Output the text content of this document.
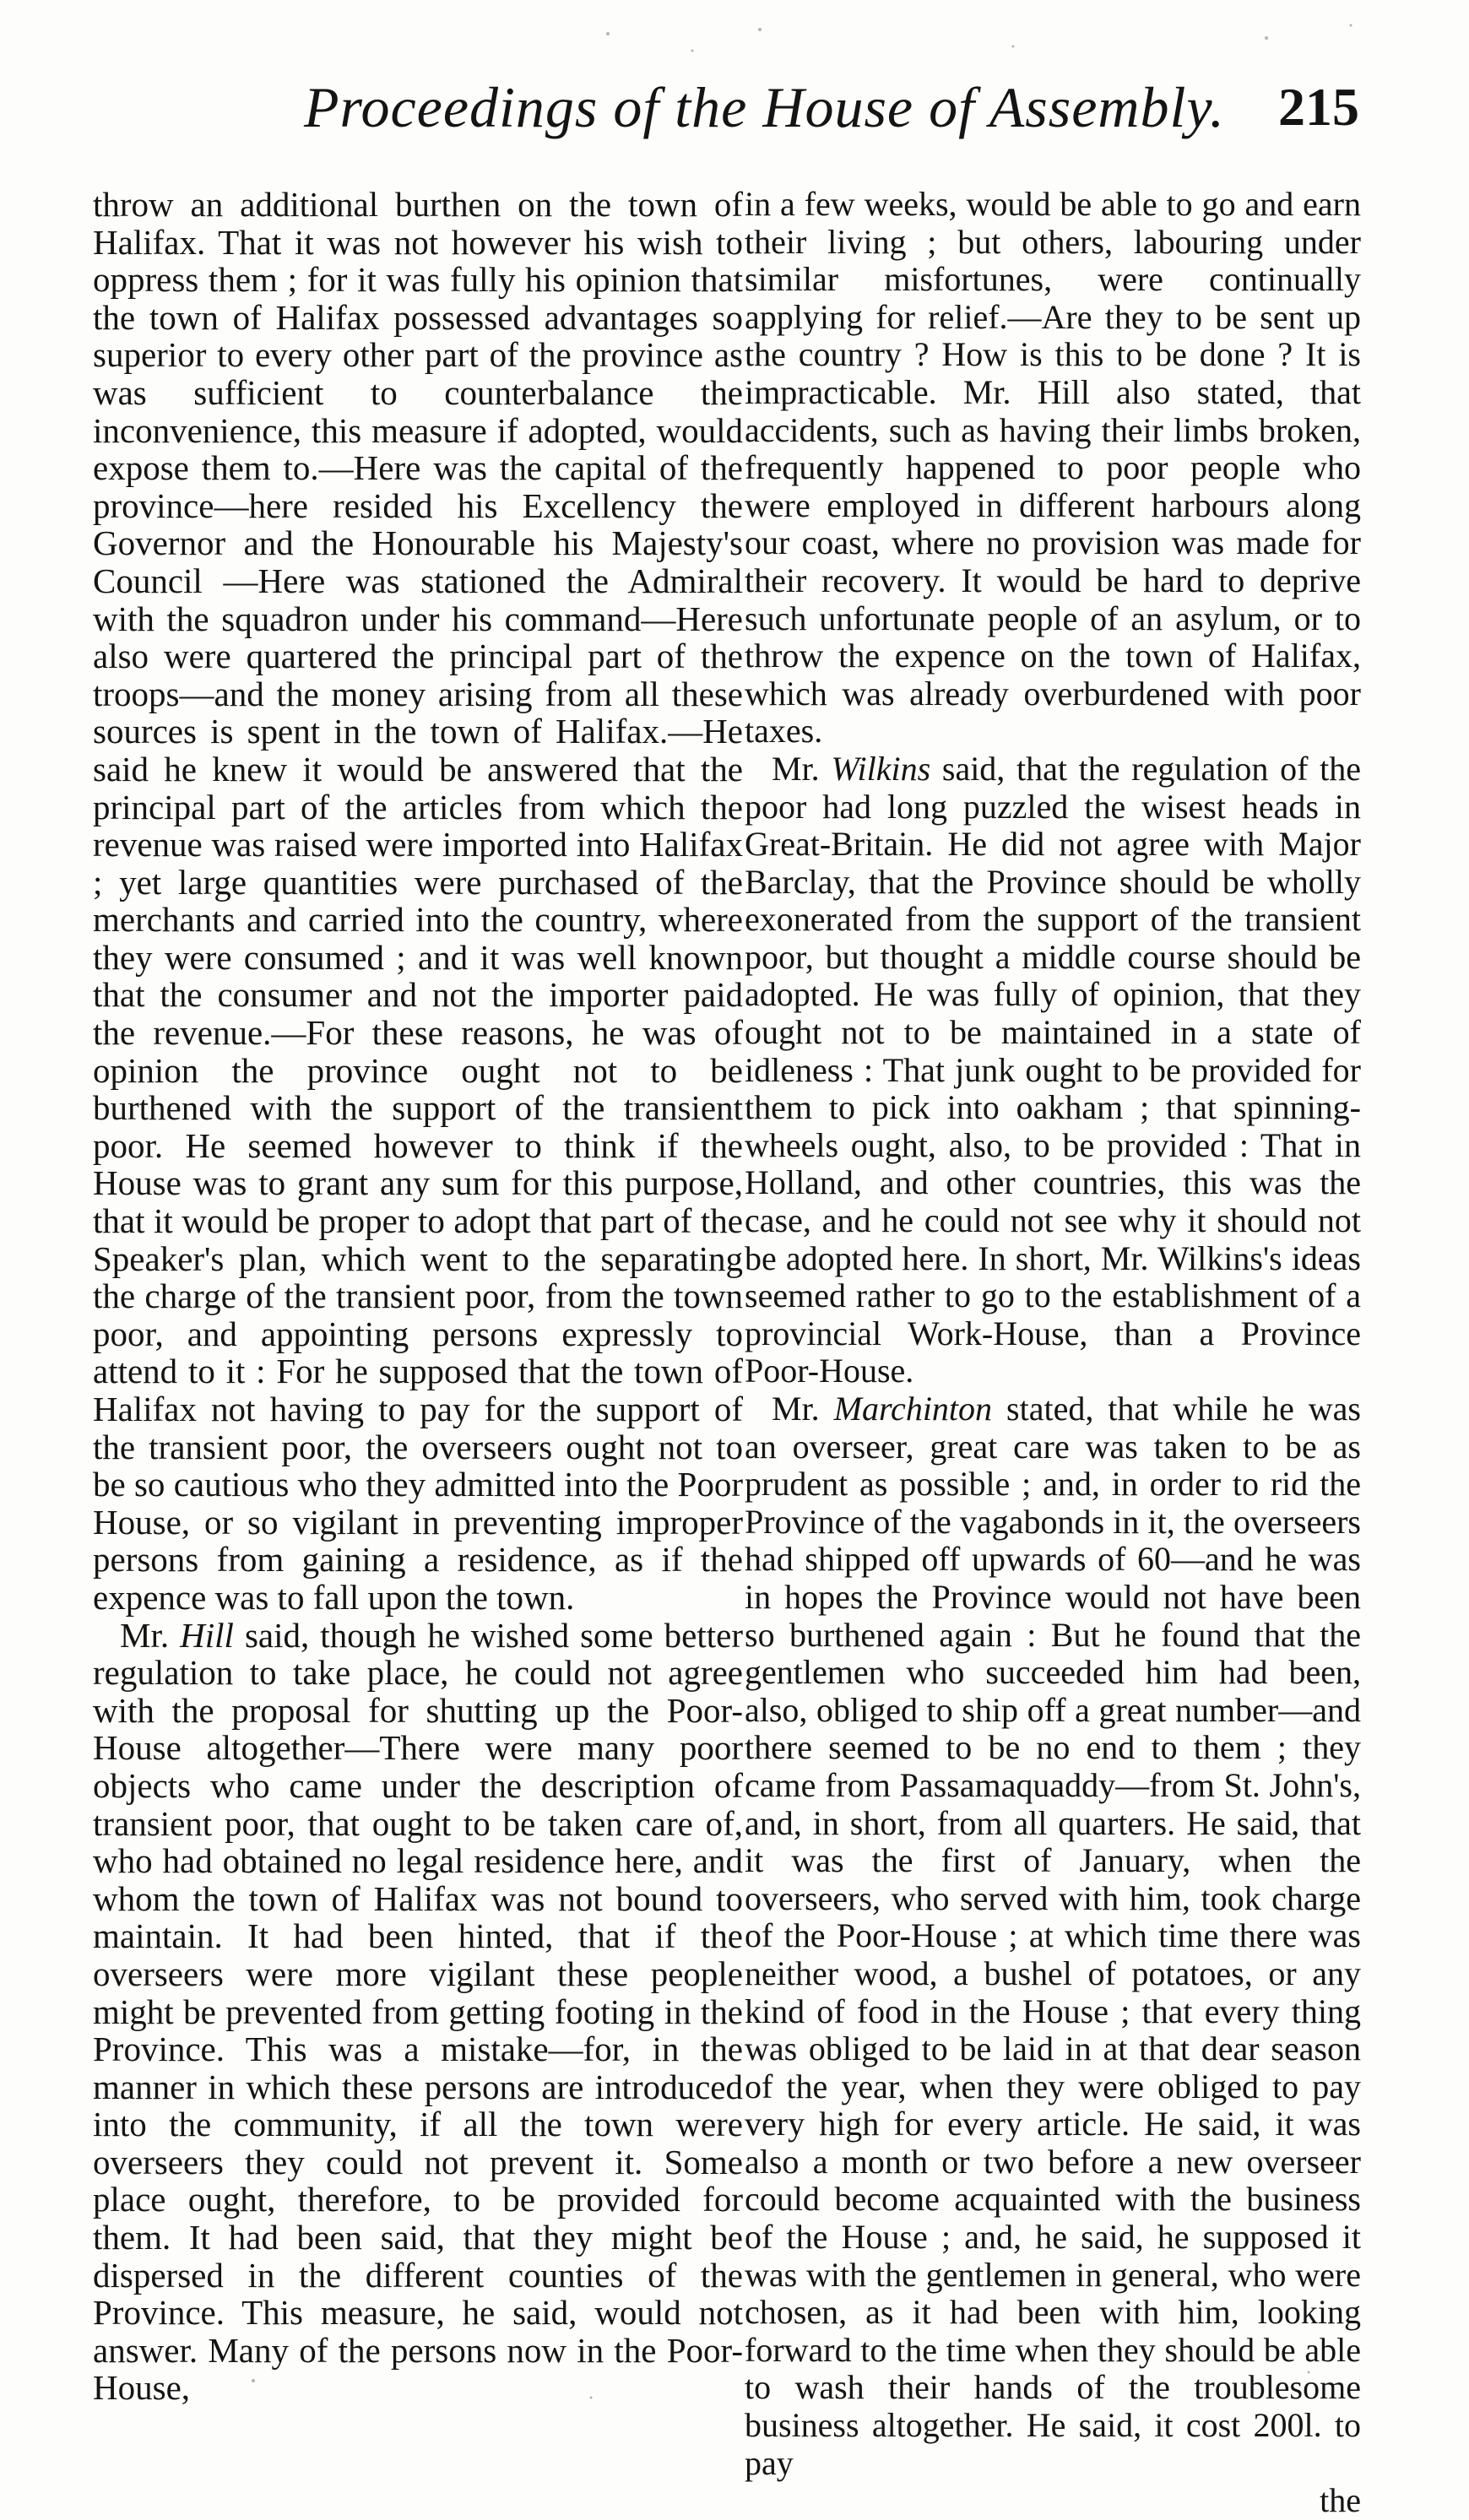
Proceedings of the House of Assembly. 215

throw an additional burthen on the town of Halifax. That it was not however his wish to oppress them ; for it was fully his opinion that the town of Halifax possessed advantages so superior to every other part of the province as was sufficient to counterbalance the inconvenience, this measure if adopted, would expose them to.—Here was the capital of the province—here resided his Excellency the Governor and the Honourable his Majesty's Council —Here was stationed the Admiral with the squadron under his command—Here also were quartered the principal part of the troops—and the money arising from all these sources is spent in the town of Halifax.—He said he knew it would be answered that the principal part of the articles from which the revenue was raised were imported into Halifax ; yet large quantities were purchased of the merchants and carried into the country, where they were consumed ; and it was well known that the consumer and not the importer paid the revenue.—For these reasons, he was of opinion the province ought not to be burthened with the support of the transient poor. He seemed however to think if the House was to grant any sum for this purpose, that it would be proper to adopt that part of the Speaker's plan, which went to the separating the charge of the transient poor, from the town poor, and appointing persons expressly to attend to it : For he supposed that the town of Halifax not having to pay for the support of the transient poor, the overseers ought not to be so cautious who they admitted into the Poor House, or so vigilant in preventing improper persons from gaining a residence, as if the expence was to fall upon the town.

Mr. Hill said, though he wished some better regulation to take place, he could not agree with the proposal for shutting up the Poor-House altogether—There were many poor objects who came under the description of transient poor, that ought to be taken care of, who had obtained no legal residence here, and whom the town of Halifax was not bound to maintain. It had been hinted, that if the overseers were more vigilant these people might be prevented from getting footing in the Province. This was a mistake—for, in the manner in which these persons are introduced into the community, if all the town were overseers they could not prevent it. Some place ought, therefore, to be provided for them. It had been said, that they might be dispersed in the different counties of the Province. This measure, he said, would not answer. Many of the persons now in the Poor-House,

in a few weeks, would be able to go and earn their living ; but others, labouring under similar misfortunes, were continually applying for relief.—Are they to be sent up the country ? How is this to be done ? It is impracticable. Mr. Hill also stated, that accidents, such as having their limbs broken, frequently happened to poor people who were employed in different harbours along our coast, where no provision was made for their recovery. It would be hard to deprive such unfortunate people of an asylum, or to throw the expence on the town of Halifax, which was already overburdened with poor taxes.

Mr. Wilkins said, that the regulation of the poor had long puzzled the wisest heads in Great-Britain. He did not agree with Major Barclay, that the Province should be wholly exonerated from the support of the transient poor, but thought a middle course should be adopted. He was fully of opinion, that they ought not to be maintained in a state of idleness : That junk ought to be provided for them to pick into oakham ; that spinning-wheels ought, also, to be provided : That in Holland, and other countries, this was the case, and he could not see why it should not be adopted here. In short, Mr. Wilkins's ideas seemed rather to go to the establishment of a provincial Work-House, than a Province Poor-House.

Mr. Marchinton stated, that while he was an overseer, great care was taken to be as prudent as possible ; and, in order to rid the Province of the vagabonds in it, the overseers had shipped off upwards of 60—and he was in hopes the Province would not have been so burthened again : But he found that the gentlemen who succeeded him had been, also, obliged to ship off a great number—and there seemed to be no end to them ; they came from Passamaquaddy—from St. John's, and, in short, from all quarters. He said, that it was the first of January, when the overseers, who served with him, took charge of the Poor-House ; at which time there was neither wood, a bushel of potatoes, or any kind of food in the House ; that every thing was obliged to be laid in at that dear season of the year, when they were obliged to pay very high for every article. He said, it was also a month or two before a new overseer could become acquainted with the business of the House ; and, he said, he supposed it was with the gentlemen in general, who were chosen, as it had been with him, looking forward to the time when they should be able to wash their hands of the troublesome business altogether. He said, it cost 200l. to pay

the
